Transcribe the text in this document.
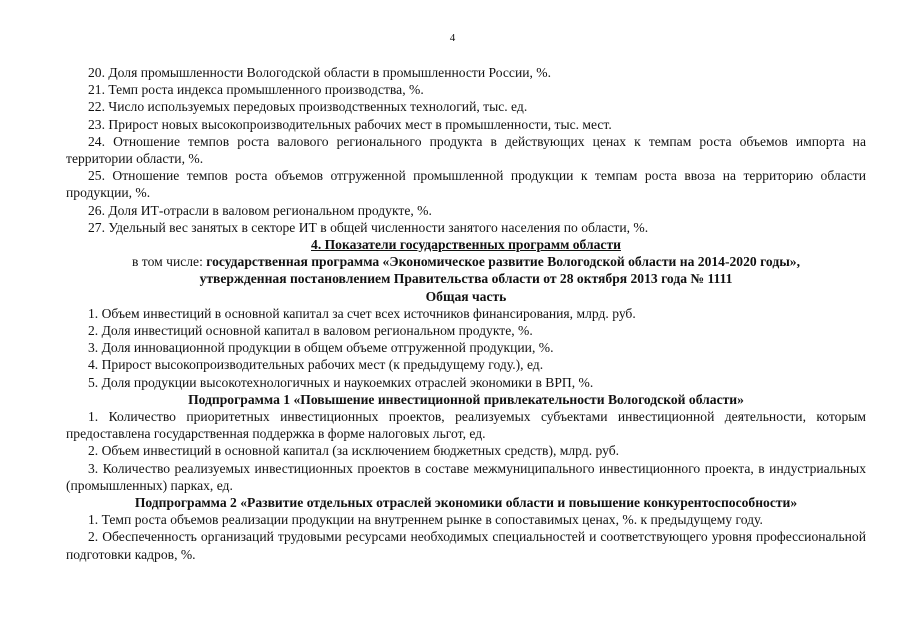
4

20. Доля промышленности Вологодской области в промышленности России, %.

21. Темп роста индекса промышленного производства, %.

22. Число используемых передовых производственных технологий, тыс. ед.

23. Прирост новых высокопроизводительных рабочих мест в промышленности, тыс. мест.

24. Отношение темпов роста валового регионального продукта в действующих ценах к темпам роста объемов импорта на территории области, %.

25. Отношение темпов роста объемов отгруженной промышленной продукции к темпам роста ввоза на территорию области продукции, %.

26. Доля ИТ-отрасли в валовом региональном продукте, %.

27. Удельный вес занятых в секторе ИТ в общей численности занятого населения по области, %.

4. Показатели государственных программ области

в том числе: государственная программа «Экономическое развитие Вологодской области на 2014-2020 годы»,

утвержденная постановлением Правительства области от 28 октября 2013 года № 1111

Общая часть

1. Объем инвестиций в основной капитал за счет всех источников финансирования, млрд. руб.

2. Доля инвестиций основной капитал в валовом региональном продукте, %.

3. Доля инновационной продукции в общем объеме отгруженной продукции, %.

4. Прирост высокопроизводительных рабочих мест (к предыдущему году.), ед.

5. Доля продукции высокотехнологичных и наукоемких отраслей экономики в ВРП, %.

Подпрограмма 1 «Повышение инвестиционной привлекательности Вологодской области»

1. Количество приоритетных инвестиционных проектов, реализуемых субъектами инвестиционной деятельности, которым предоставлена государственная поддержка в форме налоговых льгот, ед.

2. Объем инвестиций в основной капитал (за исключением бюджетных средств), млрд. руб.

3. Количество реализуемых инвестиционных проектов в составе межмуниципального инвестиционного проекта, в индустриальных (промышленных) парках, ед.

Подпрограмма 2 «Развитие отдельных отраслей экономики области и повышение конкурентоспособности»

1. Темп роста объемов реализации продукции на внутреннем рынке в сопоставимых ценах, %. к предыдущему году.

2. Обеспеченность организаций трудовыми ресурсами необходимых специальностей и соответствующего уровня профессиональной подготовки кадров, %.
